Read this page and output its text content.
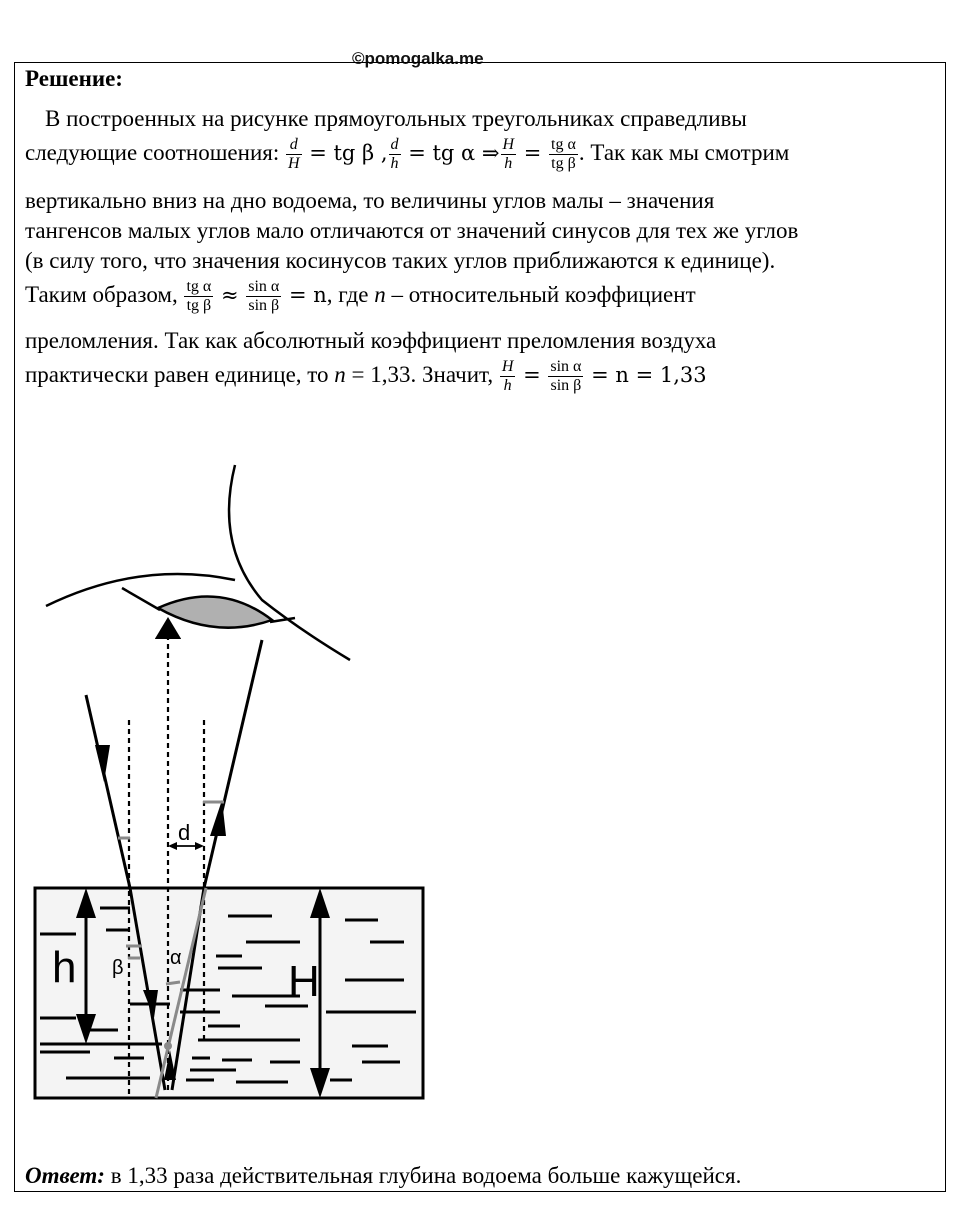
©pomogalka.me
Решение:
В построенных на рисунке прямоугольных треугольниках справедливы
следующие соотношения: $\frac{d}{H}$ = tg β , $\frac{d}{h}$ = tg α ⇒ $\frac{H}{h} = \frac{\text{tg α}}{\text{tg β}}$ . Так как мы смотрим
вертикально вниз на дно водоема, то величины углов малы – значения
тангенсов малых углов мало отличаются от значений синусов для тех же углов
(в силу того, что значения косинусов таких углов приближаются к единице).
Таким образом, $\frac{\text{tg α}}{\text{tg β}} \approx \frac{\text{sin α}}{\text{sin β}} = n$, где n – относительный коэффициент
преломления. Так как абсолютный коэффициент преломления воздуха
практически равен единице, то n = 1,33. Значит, $\frac{H}{h} = \frac{\text{sin α}}{\text{sin β}} = n = 1,33$
d
h	H
β α
Ответ: в 1,33 раза действительная глубина водоема больше кажущейся.
